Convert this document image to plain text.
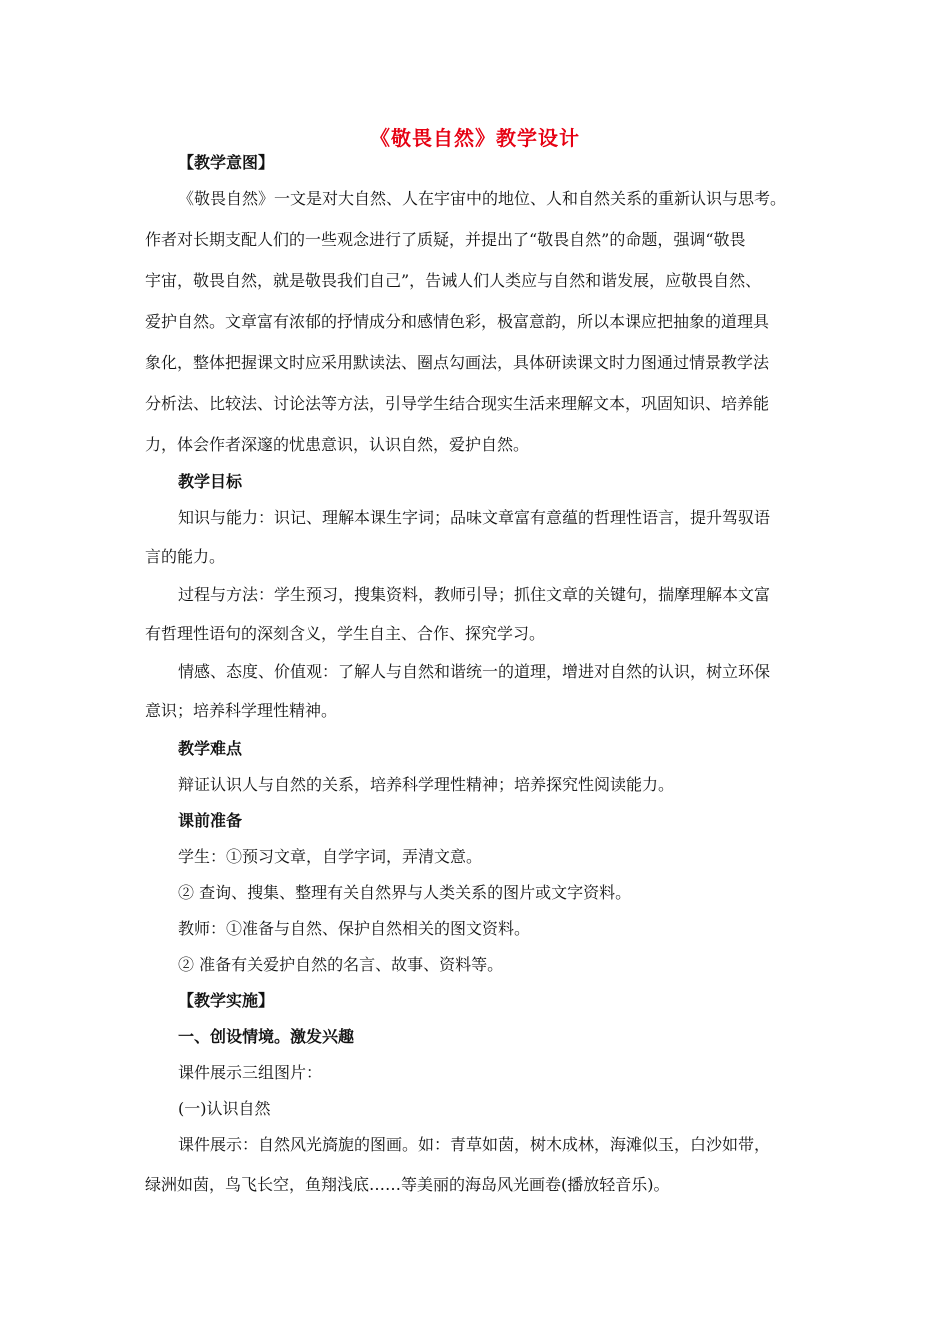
《敬畏自然》教学设计
【教学意图】
《敬畏自然》一文是对大自然、人在宇宙中的地位、人和自然关系的重新认识与思考。
作者对长期支配人们的一些观念进行了质疑，并提出了“敬畏自然”的命题，强调“敬畏
宇宙，敬畏自然，就是敬畏我们自己”，告诫人们人类应与自然和谐发展，应敬畏自然、
爱护自然。文章富有浓郁的抒情成分和感情色彩，极富意韵，所以本课应把抽象的道理具
象化，整体把握课文时应采用默读法、圈点勾画法，具体研读课文时力图通过情景教学法
分析法、比较法、讨论法等方法，引导学生结合现实生活来理解文本，巩固知识、培养能
力，体会作者深邃的忧患意识，认识自然，爱护自然。
教学目标
知识与能力：识记、理解本课生字词；品味文章富有意蕴的哲理性语言，提升驾驭语
言的能力。
过程与方法：学生预习，搜集资料，教师引导；抓住文章的关键句，揣摩理解本文富
有哲理性语句的深刻含义，学生自主、合作、探究学习。
情感、态度、价值观：了解人与自然和谐统一的道理，增进对自然的认识，树立环保
意识；培养科学理性精神。
教学难点
辩证认识人与自然的关系，培养科学理性精神；培养探究性阅读能力。
课前准备
学生：①预习文章，自学字词，弄清文意。
② 查询、搜集、整理有关自然界与人类关系的图片或文字资料。
教师：①准备与自然、保护自然相关的图文资料。
② 准备有关爱护自然的名言、故事、资料等。
【教学实施】
一、创设情境。激发兴趣
课件展示三组图片：
(一)认识自然
课件展示：自然风光旖旎的图画。如：青草如茵，树木成林，海滩似玉，白沙如带，
绿洲如茵，鸟飞长空，鱼翔浅底……等美丽的海岛风光画卷(播放轻音乐)。
